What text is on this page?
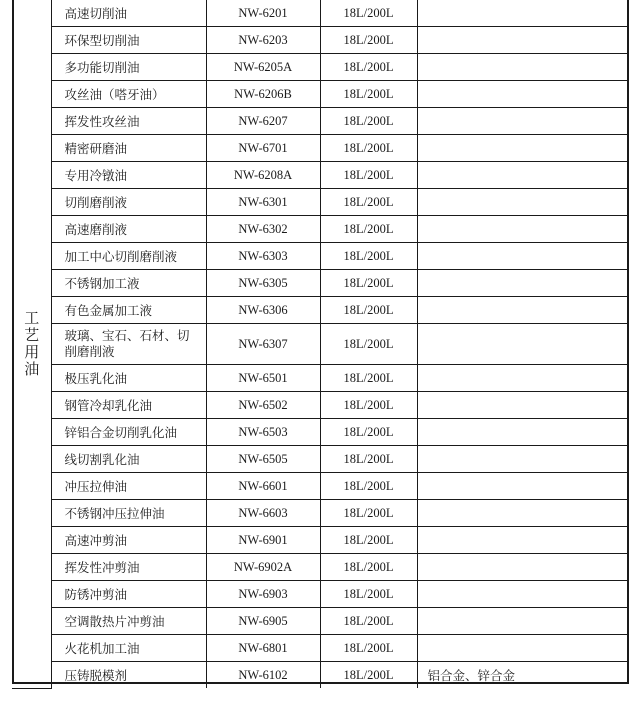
工艺用油	高速切削油	NW-6201	18L/200L	
	环保型切削油	NW-6203	18L/200L	
	多功能切削油	NW-6205A	18L/200L	
	攻丝油（嗒牙油）	NW-6206B	18L/200L	
	挥发性攻丝油	NW-6207	18L/200L	
	精密研磨油	NW-6701	18L/200L	
	专用冷镦油	NW-6208A	18L/200L	
	切削磨削液	NW-6301	18L/200L	
	高速磨削液	NW-6302	18L/200L	
	加工中心切削磨削液	NW-6303	18L/200L	
	不锈钢加工液	NW-6305	18L/200L	
	有色金属加工液	NW-6306	18L/200L	

	玻璃、宝石、石材、切削磨削液	NW-6307	18L/200L	
	极压乳化油	NW-6501	18L/200L	
	钢管冷却乳化油	NW-6502	18L/200L	
	锌铝合金切削乳化油	NW-6503	18L/200L	
	线切割乳化油	NW-6505	18L/200L	
	冲压拉伸油	NW-6601	18L/200L	
	不锈钢冲压拉伸油	NW-6603	18L/200L	
	高速冲剪油	NW-6901	18L/200L	
	挥发性冲剪油	NW-6902A	18L/200L	
	防锈冲剪油	NW-6903	18L/200L	
	空调散热片冲剪油	NW-6905	18L/200L	
	火花机加工油	NW-6801	18L/200L	
	压铸脱模剂	NW-6102	18L/200L	铝合金、锌合金
